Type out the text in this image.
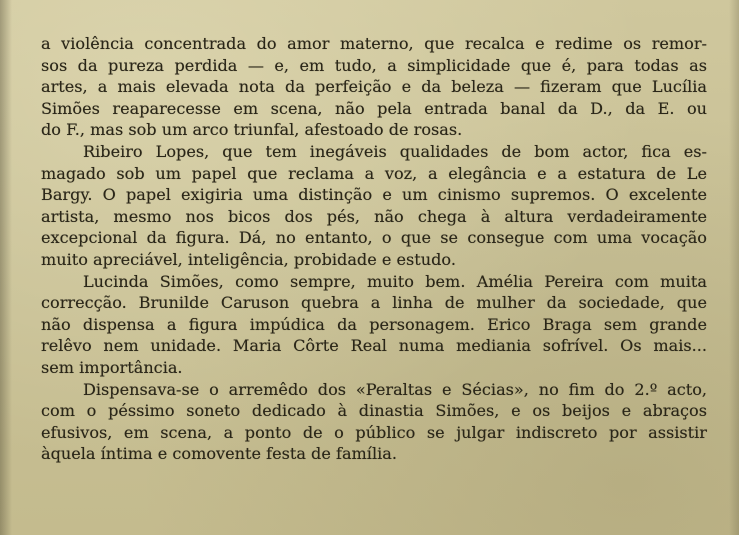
a violência concentrada do amor materno, que recalca e redime os remor-
sos da pureza perdida — e, em tudo, a simplicidade que é, para todas as
artes, a mais elevada nota da perfeição e da beleza — fizeram que Lucília
Simões reaparecesse em scena, não pela entrada banal da D., da E. ou
do F., mas sob um arco triunfal, afestoado de rosas.
Ribeiro Lopes, que tem inegáveis qualidades de bom actor, fica es-
magado sob um papel que reclama a voz, a elegância e a estatura de Le
Bargy. O papel exigiria uma distinção e um cinismo supremos. O excelente
artista, mesmo nos bicos dos pés, não chega à altura verdadeiramente
excepcional da figura. Dá, no entanto, o que se consegue com uma vocação
muito apreciável, inteligência, probidade e estudo.
Lucinda Simões, como sempre, muito bem. Amélia Pereira com muita
correcção. Brunilde Caruson quebra a linha de mulher da sociedade, que
não dispensa a figura impúdica da personagem. Erico Braga sem grande
relêvo nem unidade. Maria Côrte Real numa mediania sofrível. Os mais...
sem importância.
Dispensava-se o arremêdo dos «Peraltas e Sécias», no fim do 2.º acto,
com o péssimo soneto dedicado à dinastia Simões, e os beijos e abraços
efusivos, em scena, a ponto de o público se julgar indiscreto por assistir
àquela íntima e comovente festa de família.
